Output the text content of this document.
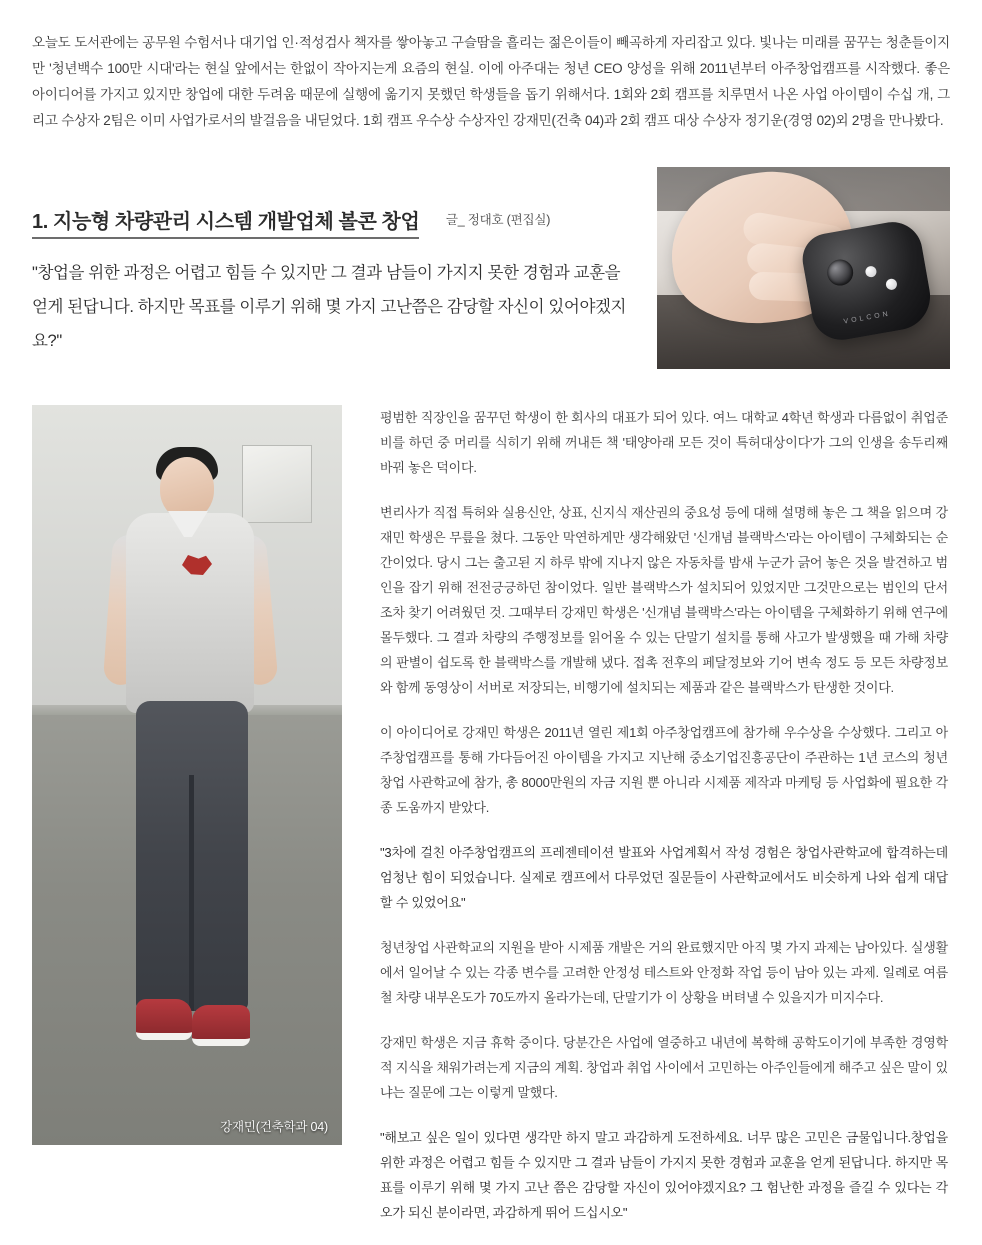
오늘도 도서관에는 공무원 수험서나 대기업 인·적성검사 책자를 쌓아놓고 구슬땀을 흘리는 젊은이들이 빼곡하게 자리잡고 있다. 빛나는 미래를 꿈꾸는 청춘들이지만 '청년백수 100만 시대'라는 현실 앞에서는 한없이 작아지는게 요즘의 현실. 이에 아주대는 청년 CEO 양성을 위해 2011년부터 아주창업캠프를 시작했다. 좋은 아이디어를 가지고 있지만 창업에 대한 두려움 때문에 실행에 옮기지 못했던 학생들을 돕기 위해서다. 1회와 2회 캠프를 치루면서 나온 사업 아이템이 수십 개, 그리고 수상자 2팀은 이미 사업가로서의 발걸음을 내딛었다. 1회 캠프 우수상 수상자인 강재민(건축 04)과 2회 캠프 대상 수상자 정기운(경영 02)외 2명을 만나봤다.
1. 지능형 차량관리 시스템 개발업체 볼콘 창업 글_ 정대호 (편집실)
"창업을 위한 과정은 어렵고 힘들 수 있지만 그 결과 남들이 가지지 못한 경험과 교훈을 얻게 된답니다. 하지만 목표를 이루기 위해 몇 가지 고난쯤은 감당할 자신이 있어야겠지요?"
VOLCON
강재민(건축학과 04)

평범한 직장인을 꿈꾸던 학생이 한 회사의 대표가 되어 있다. 여느 대학교 4학년 학생과 다름없이 취업준비를 하던 중 머리를 식히기 위해 꺼내든 책 '태양아래 모든 것이 특허대상이다'가 그의 인생을 송두리째 바꿔 놓은 덕이다.

변리사가 직접 특허와 실용신안, 상표, 신지식 재산권의 중요성 등에 대해 설명해 놓은 그 책을 읽으며 강재민 학생은 무릎을 쳤다. 그동안 막연하게만 생각해왔던 '신개념 블랙박스'라는 아이템이 구체화되는 순간이었다. 당시 그는 출고된 지 하루 밖에 지나지 않은 자동차를 밤새 누군가 긁어 놓은 것을 발견하고 범인을 잡기 위해 전전긍긍하던 참이었다. 일반 블랙박스가 설치되어 있었지만 그것만으로는 범인의 단서조차 찾기 어려웠던 것. 그때부터 강재민 학생은 '신개념 블랙박스'라는 아이템을 구체화하기 위해 연구에 몰두했다. 그 결과 차량의 주행정보를 읽어올 수 있는 단말기 설치를 통해 사고가 발생했을 때 가해 차량의 판별이 쉽도록 한 블랙박스를 개발해 냈다. 접촉 전후의 페달정보와 기어 변속 정도 등 모든 차량정보와 함께 동영상이 서버로 저장되는, 비행기에 설치되는 제품과 같은 블랙박스가 탄생한 것이다.

이 아이디어로 강재민 학생은 2011년 열린 제1회 아주창업캠프에 참가해 우수상을 수상했다. 그리고 아주창업캠프를 통해 가다듬어진 아이템을 가지고 지난해 중소기업진흥공단이 주관하는 1년 코스의 청년창업 사관학교에 참가, 총 8000만원의 자금 지원 뿐 아니라 시제품 제작과 마케팅 등 사업화에 필요한 각종 도움까지 받았다.

"3차에 걸친 아주창업캠프의 프레젠테이션 발표와 사업계획서 작성 경험은 창업사관학교에 합격하는데 엄청난 힘이 되었습니다. 실제로 캠프에서 다루었던 질문들이 사관학교에서도 비슷하게 나와 쉽게 대답할 수 있었어요"

청년창업 사관학교의 지원을 받아 시제품 개발은 거의 완료했지만 아직 몇 가지 과제는 남아있다. 실생활에서 일어날 수 있는 각종 변수를 고려한 안정성 테스트와 안정화 작업 등이 남아 있는 과제. 일례로 여름철 차량 내부온도가 70도까지 올라가는데, 단말기가 이 상황을 버텨낼 수 있을지가 미지수다.

강재민 학생은 지금 휴학 중이다. 당분간은 사업에 열중하고 내년에 복학해 공학도이기에 부족한 경영학적 지식을 채워가려는게 지금의 계획. 창업과 취업 사이에서 고민하는 아주인들에게 해주고 싶은 말이 있냐는 질문에 그는 이렇게 말했다.

"해보고 싶은 일이 있다면 생각만 하지 말고 과감하게 도전하세요. 너무 많은 고민은 금물입니다.창업을 위한 과정은 어렵고 힘들 수 있지만 그 결과 남들이 가지지 못한 경험과 교훈을 얻게 된답니다. 하지만 목표를 이루기 위해 몇 가지 고난 쯤은 감당할 자신이 있어야겠지요? 그 험난한 과정을 즐길 수 있다는 각오가 되신 분이라면, 과감하게 뛰어 드십시오"
